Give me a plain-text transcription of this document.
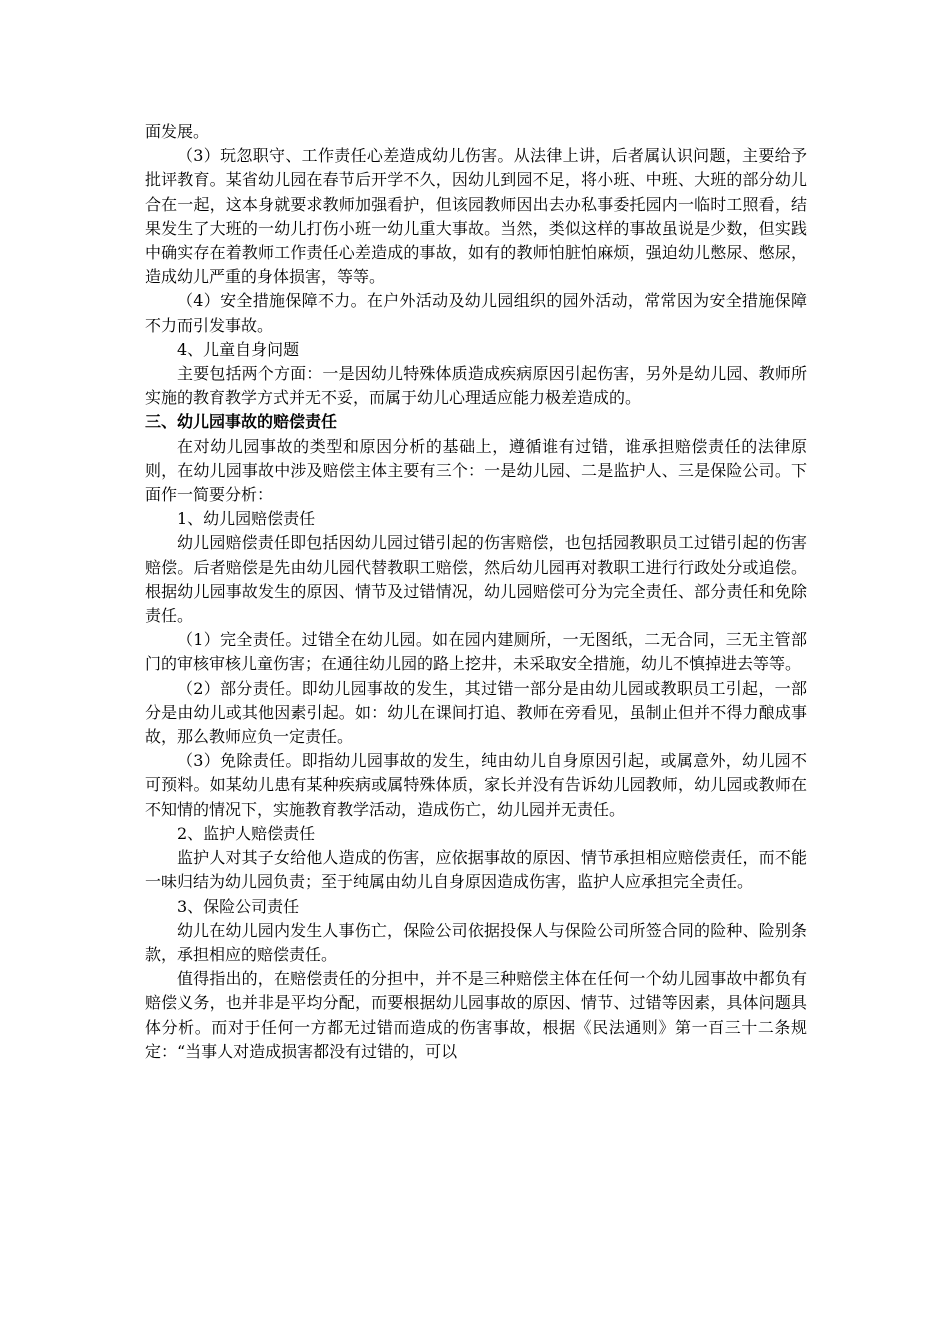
面发展。

（3）玩忽职守、工作责任心差造成幼儿伤害。从法律上讲，后者属认识问题，主要给予批评教育。某省幼儿园在春节后开学不久，因幼儿到园不足，将小班、中班、大班的部分幼儿合在一起，这本身就要求教师加强看护，但该园教师因出去办私事委托园内一临时工照看，结果发生了大班的一幼儿打伤小班一幼儿重大事故。当然，类似这样的事故虽说是少数，但实践中确实存在着教师工作责任心差造成的事故，如有的教师怕脏怕麻烦，强迫幼儿憋尿、憋尿，造成幼儿严重的身体损害，等等。

（4）安全措施保障不力。在户外活动及幼儿园组织的园外活动，常常因为安全措施保障不力而引发事故。

4、儿童自身问题

主要包括两个方面：一是因幼儿特殊体质造成疾病原因引起伤害，另外是幼儿园、教师所实施的教育教学方式并无不妥，而属于幼儿心理适应能力极差造成的。

三、幼儿园事故的赔偿责任

在对幼儿园事故的类型和原因分析的基础上，遵循谁有过错，谁承担赔偿责任的法律原则，在幼儿园事故中涉及赔偿主体主要有三个：一是幼儿园、二是监护人、三是保险公司。下面作一简要分析：

1、幼儿园赔偿责任

幼儿园赔偿责任即包括因幼儿园过错引起的伤害赔偿，也包括园教职员工过错引起的伤害赔偿。后者赔偿是先由幼儿园代替教职工赔偿，然后幼儿园再对教职工进行行政处分或追偿。根据幼儿园事故发生的原因、情节及过错情况，幼儿园赔偿可分为完全责任、部分责任和免除责任。

（1）完全责任。过错全在幼儿园。如在园内建厕所，一无图纸，二无合同，三无主管部门的审核审核儿童伤害；在通往幼儿园的路上挖井，未采取安全措施，幼儿不慎掉进去等等。

（2）部分责任。即幼儿园事故的发生，其过错一部分是由幼儿园或教职员工引起，一部分是由幼儿或其他因素引起。如：幼儿在课间打追、教师在旁看见，虽制止但并不得力酿成事故，那么教师应负一定责任。

（3）免除责任。即指幼儿园事故的发生，纯由幼儿自身原因引起，或属意外，幼儿园不可预料。如某幼儿患有某种疾病或属特殊体质，家长并没有告诉幼儿园教师，幼儿园或教师在不知情的情况下，实施教育教学活动，造成伤亡，幼儿园并无责任。

2、监护人赔偿责任

监护人对其子女给他人造成的伤害，应依据事故的原因、情节承担相应赔偿责任，而不能一味归结为幼儿园负责；至于纯属由幼儿自身原因造成伤害，监护人应承担完全责任。

3、保险公司责任

幼儿在幼儿园内发生人事伤亡，保险公司依据投保人与保险公司所签合同的险种、险别条款，承担相应的赔偿责任。

值得指出的，在赔偿责任的分担中，并不是三种赔偿主体在任何一个幼儿园事故中都负有赔偿义务，也并非是平均分配，而要根据幼儿园事故的原因、情节、过错等因素，具体问题具体分析。而对于任何一方都无过错而造成的伤害事故，根据《民法通则》第一百三十二条规定：“当事人对造成损害都没有过错的，可以
